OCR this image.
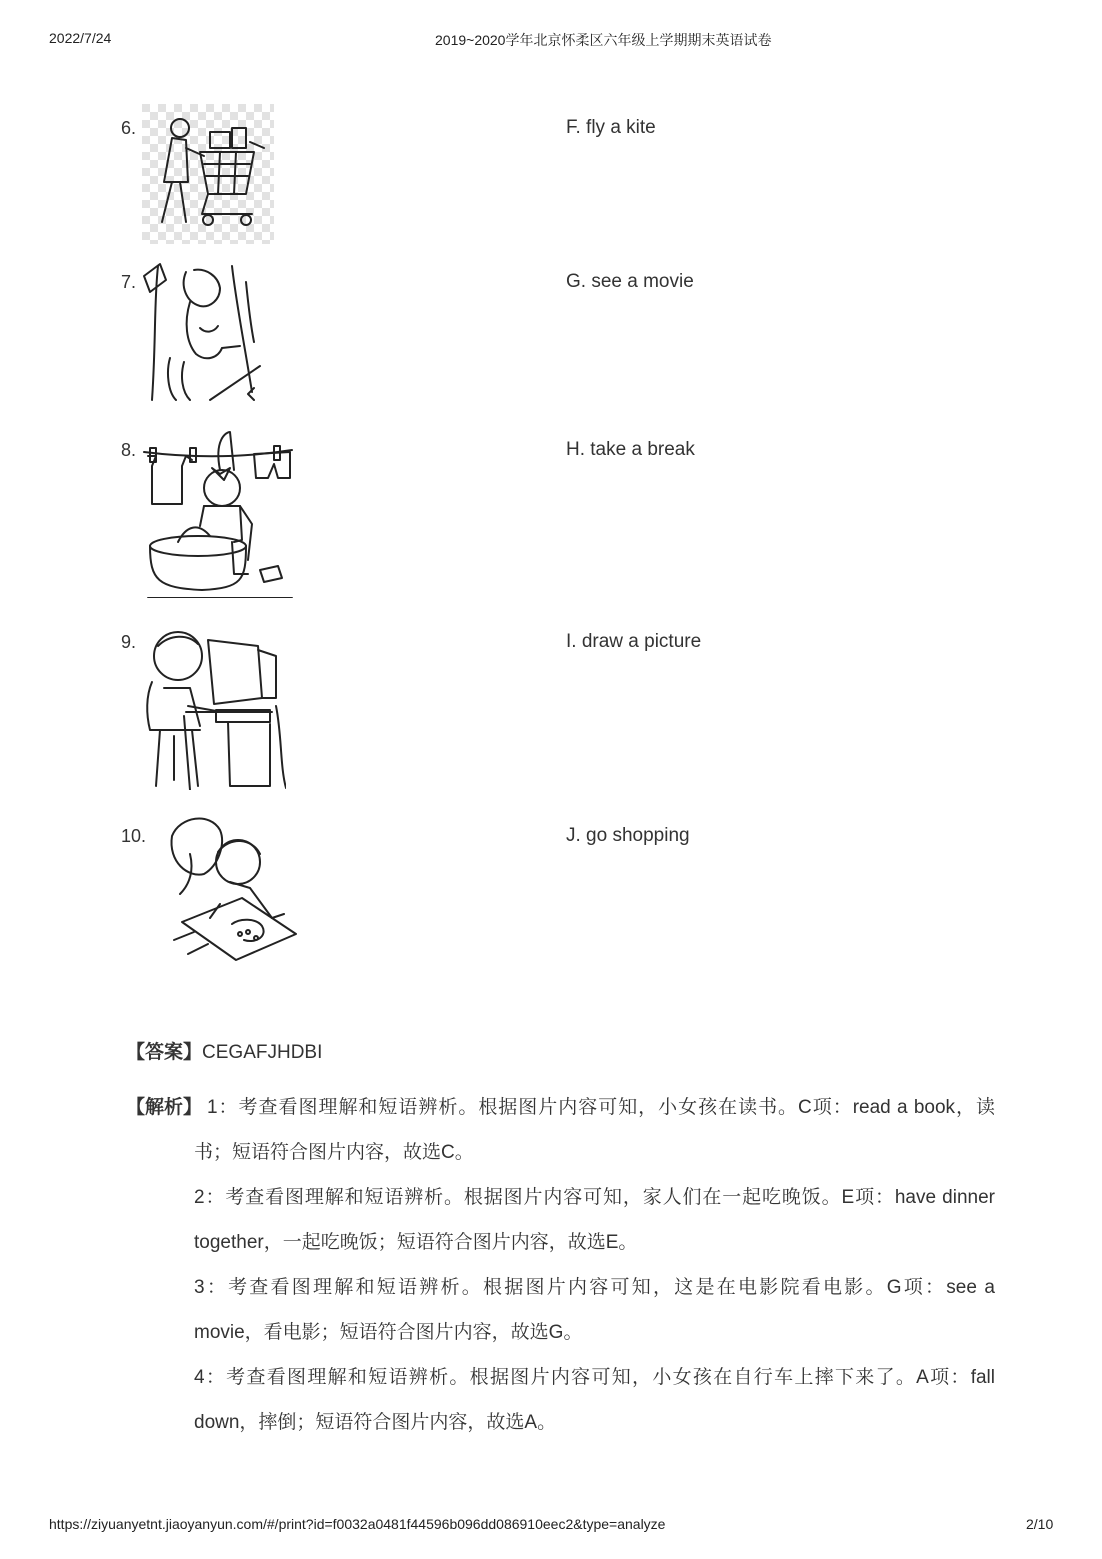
2022/7/24	2019~2020学年北京怀柔区六年级上学期期末英语试卷
6.	F. fly a kite
7.	G. see a movie
8.	H. take a break
9.	I. draw a picture
10.	J. go shopping
【答案】CEGAFJHDBI
【解析】 1：考查看图理解和短语辨析。根据图片内容可知，小女孩在读书。C项：read a book，读
书；短语符合图片内容，故选C。
2：考查看图理解和短语辨析。根据图片内容可知，家人们在一起吃晚饭。E项：have dinner
together，一起吃晚饭；短语符合图片内容，故选E。
3：考查看图理解和短语辨析。根据图片内容可知，这是在电影院看电影。G项：see a
movie，看电影；短语符合图片内容，故选G。
4：考查看图理解和短语辨析。根据图片内容可知，小女孩在自行车上摔下来了。A项：fall
down，摔倒；短语符合图片内容，故选A。
https://ziyuanyetnt.jiaoyanyun.com/#/print?id=f0032a0481f44596b096dd086910eec2&type=analyze	2/10
